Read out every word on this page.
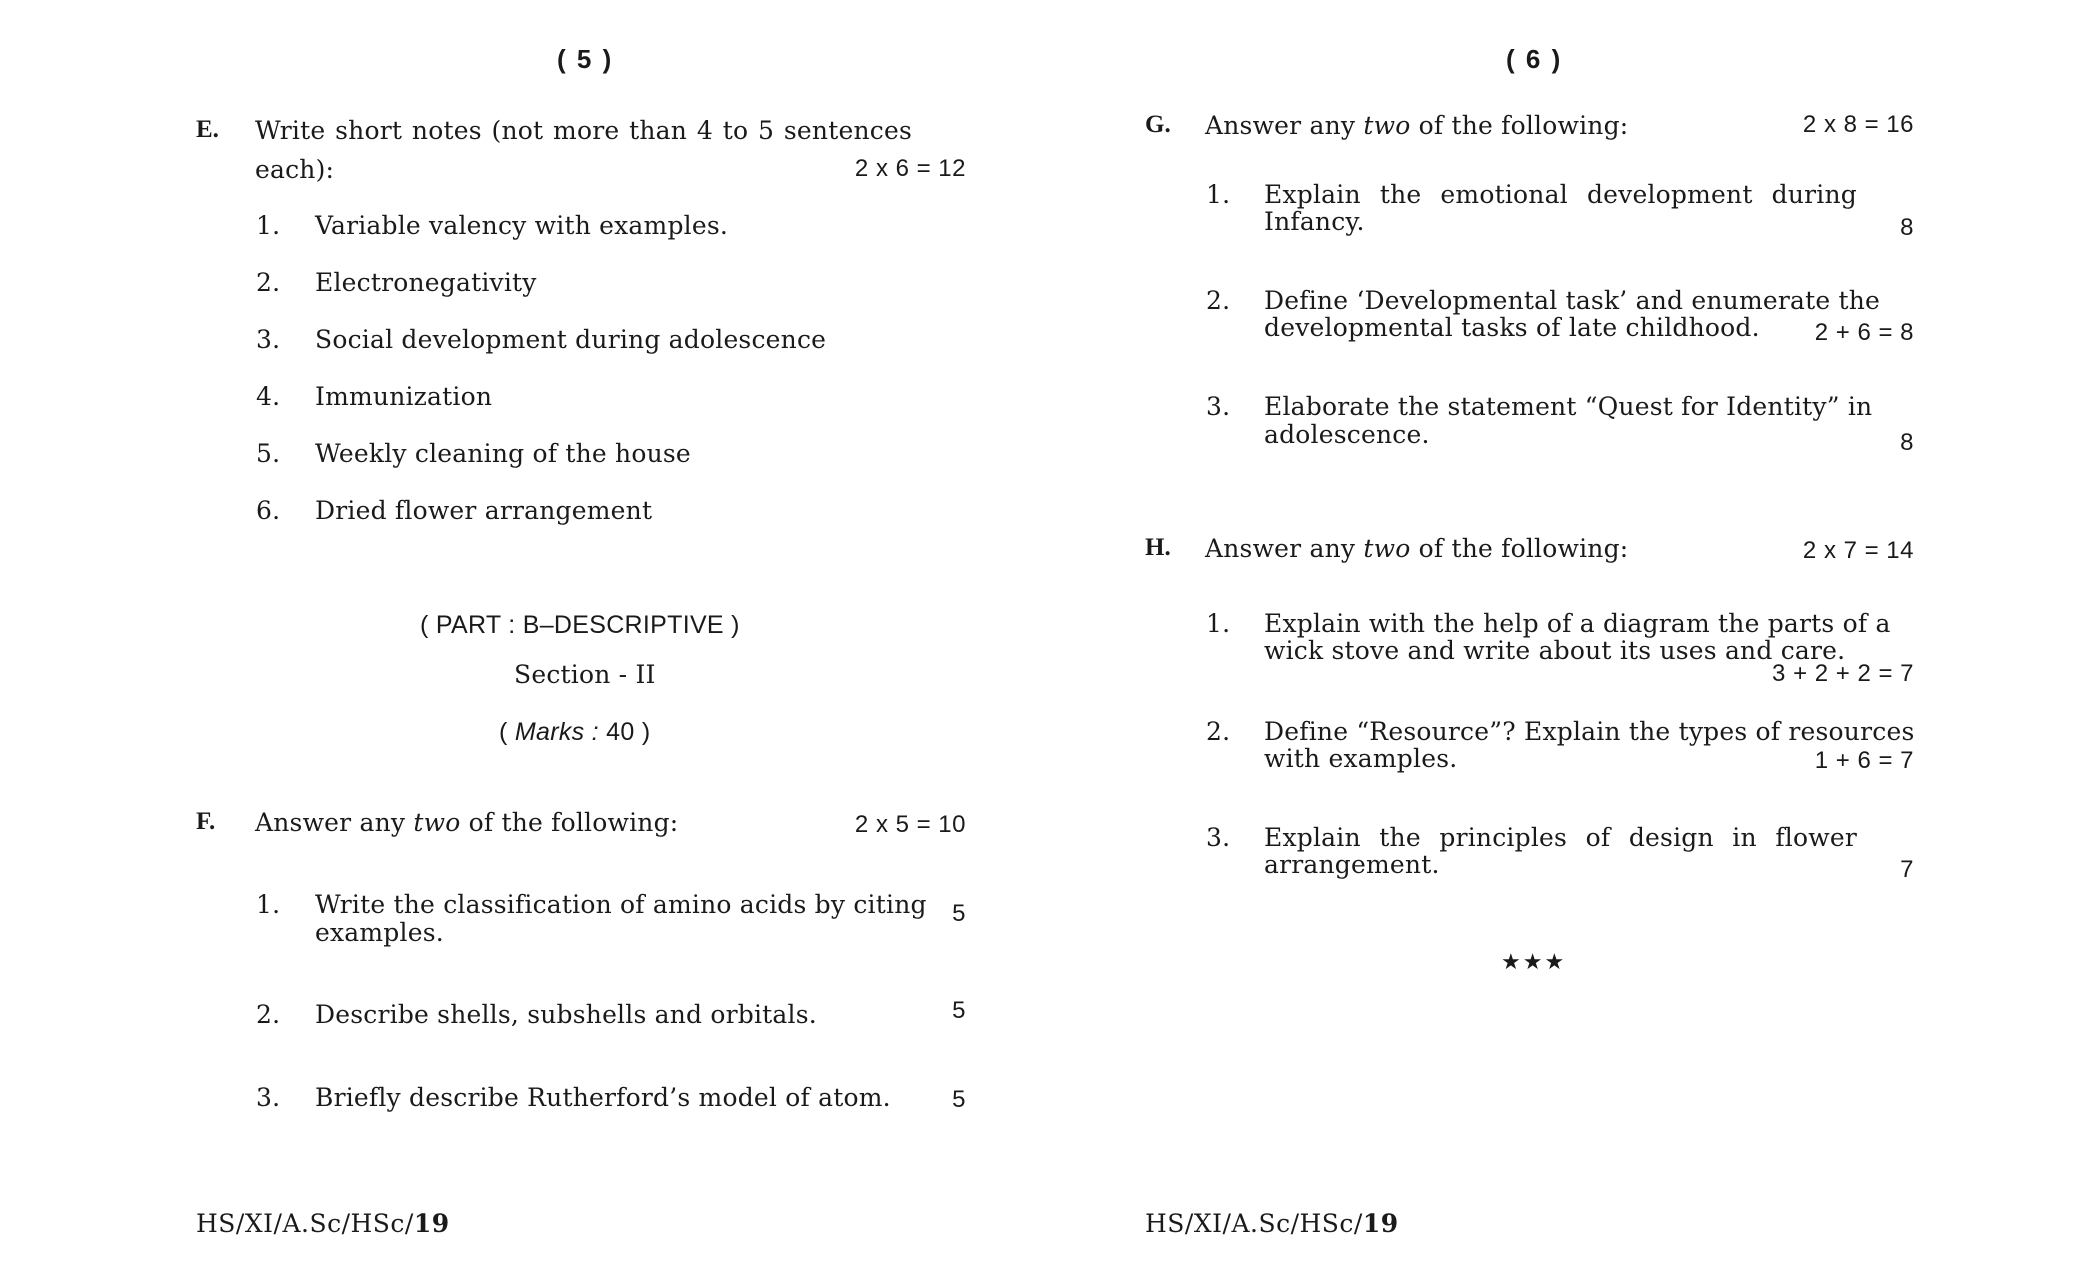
( 5 )
E. Write short notes (not more than 4 to 5 sentences
each):	2 x 6 = 12
1. Variable valency with examples.
2. Electronegativity
3. Social development during adolescence
4. Immunization
5. Weekly cleaning of the house
6. Dried flower arrangement
( PART : B–DESCRIPTIVE )
Section - II
( Marks : 40 )
F. Answer any two of the following:	2 x 5 = 10
1. Write the classification of amino acids by citing
examples.
5
2. Describe shells, subshells and orbitals.	5
3. Briefly describe Rutherford’s model of atom.	5
HS/XI/A.Sc/HSc/19
( 6 )
G. Answer any two of the following:	2 x 8 = 16
1. Explain the emotional development during
Infancy.	8
2. Define ‘Developmental task’ and enumerate the
developmental tasks of late childhood. 2 + 6 = 8
3. Elaborate the statement “Quest for Identity” in
adolescence.	8
H. Answer any two of the following:	2 x 7 = 14
1. Explain with the help of a diagram the parts of a
wick stove and write about its uses and care.
3 + 2 + 2 = 7
2. Define “Resource”? Explain the types of resources
with examples.	1 + 6 = 7
3. Explain the principles of design in flower
arrangement.	7
★★★
HS/XI/A.Sc/HSc/19
